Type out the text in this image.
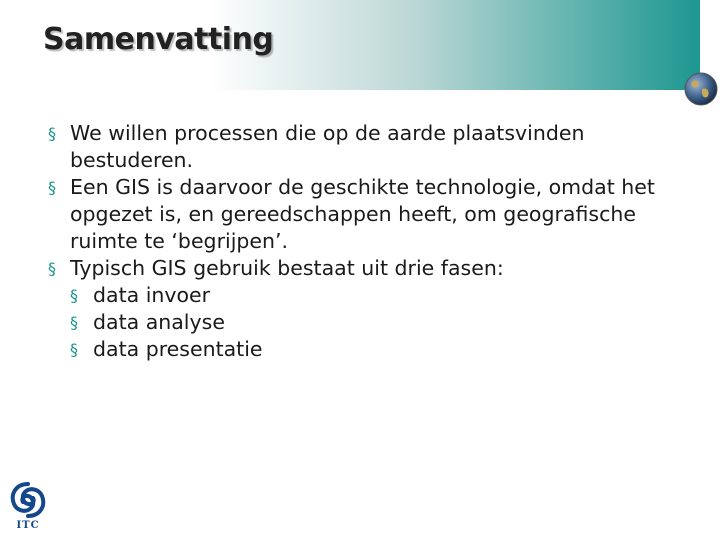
Samenvatting
§ We willen processen die op de aarde plaatsvinden bestuderen.
§ Een GIS is daarvoor de geschikte technologie, omdat het opgezet is, en gereedschappen heeft, om geografische ruimte te ‘begrijpen’.
§ Typisch GIS gebruik bestaat uit drie fasen:
§ data invoer
§ data analyse
§ data presentatie
ITC
